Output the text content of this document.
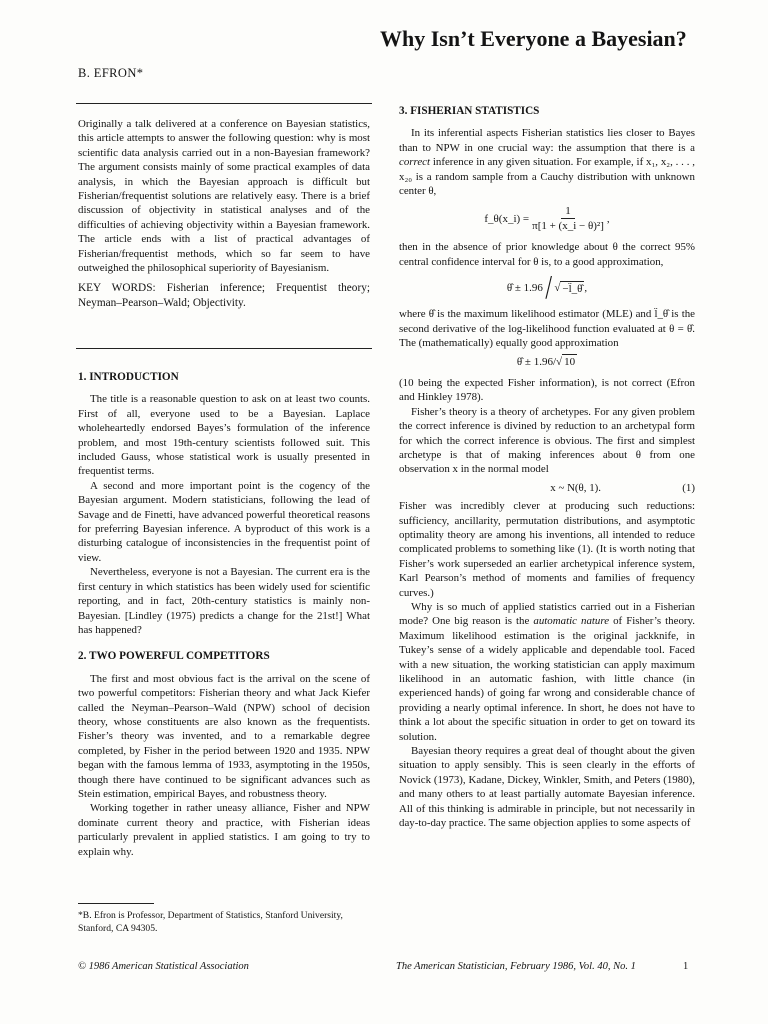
Why Isn’t Everyone a Bayesian?
B. EFRON*

Originally a talk delivered at a conference on Bayesian statistics, this article attempts to answer the following question: why is most scientific data analysis carried out in a non-Bayesian framework? The argument consists mainly of some practical examples of data analysis, in which the Bayesian approach is difficult but Fisherian/frequentist solutions are relatively easy. There is a brief discussion of objectivity in statistical analyses and of the difficulties of achieving objectivity within a Bayesian framework. The article ends with a list of practical advantages of Fisherian/frequentist methods, which so far seem to have outweighed the philosophical superiority of Bayesianism.

KEY WORDS: Fisherian inference; Frequentist theory; Neyman–Pearson–Wald; Objectivity.

1. INTRODUCTION

The title is a reasonable question to ask on at least two counts. First of all, everyone used to be a Bayesian. Laplace wholeheartedly endorsed Bayes’s formulation of the inference problem, and most 19th-century scientists followed suit. This included Gauss, whose statistical work is usually presented in frequentist terms.

A second and more important point is the cogency of the Bayesian argument. Modern statisticians, following the lead of Savage and de Finetti, have advanced powerful theoretical reasons for preferring Bayesian inference. A byproduct of this work is a disturbing catalogue of inconsistencies in the frequentist point of view.

Nevertheless, everyone is not a Bayesian. The current era is the first century in which statistics has been widely used for scientific reporting, and in fact, 20th-century statistics is mainly non-Bayesian. [Lindley (1975) predicts a change for the 21st!] What has happened?

2. TWO POWERFUL COMPETITORS

The first and most obvious fact is the arrival on the scene of two powerful competitors: Fisherian theory and what Jack Kiefer called the Neyman–Pearson–Wald (NPW) school of decision theory, whose constituents are also known as the frequentists. Fisher’s theory was invented, and to a remarkable degree completed, by Fisher in the period between 1920 and 1935. NPW began with the famous lemma of 1933, asymptoting in the 1950s, though there have continued to be significant advances such as Stein estimation, empirical Bayes, and robustness theory.

Working together in rather uneasy alliance, Fisher and NPW dominate current theory and practice, with Fisherian ideas particularly prevalent in applied statistics. I am going to try to explain why.

*B. Efron is Professor, Department of Statistics, Stanford University, Stanford, CA 94305.

3. FISHERIAN STATISTICS

In its inferential aspects Fisherian statistics lies closer to Bayes than to NPW in one crucial way: the assumption that there is a correct inference in any given situation. For example, if x₁, x₂, . . . , x₂₀ is a random sample from a Cauchy distribution with unknown center θ,

f_θ(x_i) = $\frac{1}{\text{π[1 + (x\_i − θ)²]}}$ ,

then in the absence of prior knowledge about θ the correct 95% central confidence interval for θ is, to a good approximation,

θ̂ ± 1.96 / √ −l̈_θ̂ ,

where θ̂ is the maximum likelihood estimator (MLE) and l̈_θ̂ is the second derivative of the log-likelihood function evaluated at θ = θ̂. The (mathematically) equally good approximation

θ̂ ± 1.96/ √ 10

(10 being the expected Fisher information), is not correct (Efron and Hinkley 1978).

Fisher’s theory is a theory of archetypes. For any given problem the correct inference is divined by reduction to an archetypal form for which the correct inference is obvious. The first and simplest archetype is that of making inferences about θ from one observation x in the normal model

x ~ N(θ, 1).	(1)

Fisher was incredibly clever at producing such reductions: sufficiency, ancillarity, permutation distributions, and asymptotic optimality theory are among his inventions, all intended to reduce complicated problems to something like (1). (It is worth noting that Fisher’s work superseded an earlier archetypical inference system, Karl Pearson’s method of moments and families of frequency curves.)

Why is so much of applied statistics carried out in a Fisherian mode? One big reason is the automatic nature of Fisher’s theory. Maximum likelihood estimation is the original jackknife, in Tukey’s sense of a widely applicable and dependable tool. Faced with a new situation, the working statistician can apply maximum likelihood in an automatic fashion, with little chance (in experienced hands) of going far wrong and considerable chance of providing a nearly optimal inference. In short, he does not have to think a lot about the specific situation in order to get on toward its solution.

Bayesian theory requires a great deal of thought about the given situation to apply sensibly. This is seen clearly in the efforts of Novick (1973), Kadane, Dickey, Winkler, Smith, and Peters (1980), and many others to at least partially automate Bayesian inference. All of this thinking is admirable in principle, but not necessarily in day-to-day practice. The same objection applies to some aspects of

© 1986 American Statistical Association	The American Statistician, February 1986, Vol. 40, No. 1	1
